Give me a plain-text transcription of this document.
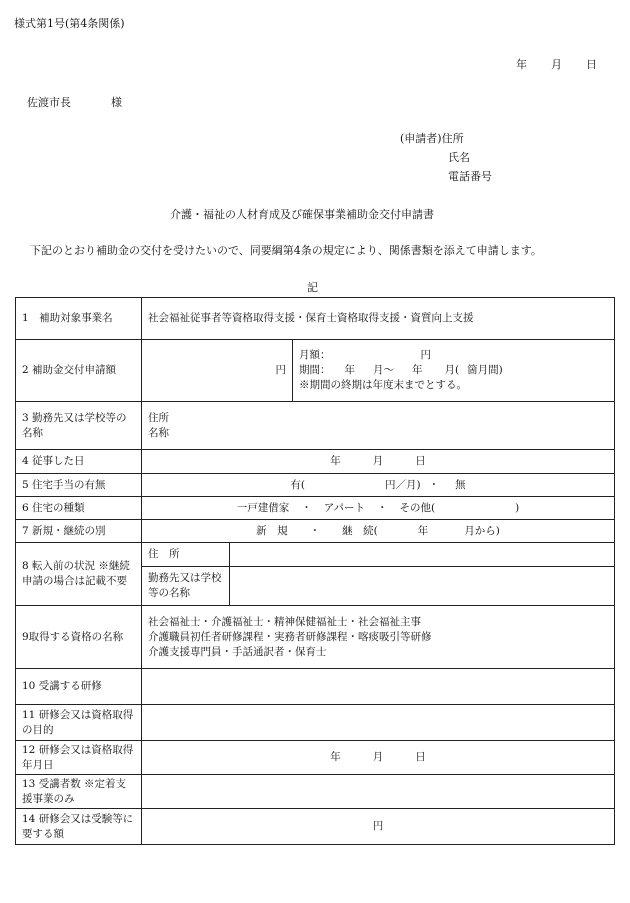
様式第1号(第4条関係)
年 月 日
佐渡市長	様
(申請者)住所
氏名
電話番号
介護・福祉の人材育成及び確保事業補助金交付申請書
下記のとおり補助金の交付を受けたいので、同要綱第4条の規定により、関係書類を添えて申請します。
記
1　補助対象事業名	社会福祉従事者等資格取得支援・保育士資格取得支援・資質向上支援		
2 補助金交付申請額	円		月額： 円
期間： 年 月～ 年 月( 箇月間)
※期間の終期は年度末までとする。

3 勤務先又は学校等の名称	住所
名称		

4 従事した日	年 月 日		
5 住宅手当の有無	有( 円／月) ・ 無		
6 住宅の種類	一戸建借家 ・ アパート ・ その他( )		
7 新規・継続の別	新　規 ・ 継　続( 年 月から)		
8 転入前の状況 ※継続申請の場合は記載不要	住　所		
	勤務先又は学校等の名称		
9取得する資格の名称	社会福祉士・介護福祉士・精神保健福祉士・社会福祉主事
介護職員初任者研修課程・実務者研修課程・喀痰吸引等研修
介護支援専門員・手話通訳者・保育士		

10 受講する研修			
11 研修会又は資格取得の目的			
12 研修会又は資格取得　年月日	年 月 日		
13 受講者数 ※定着支援事業のみ			
14 研修会又は受験等に要する額	円		
